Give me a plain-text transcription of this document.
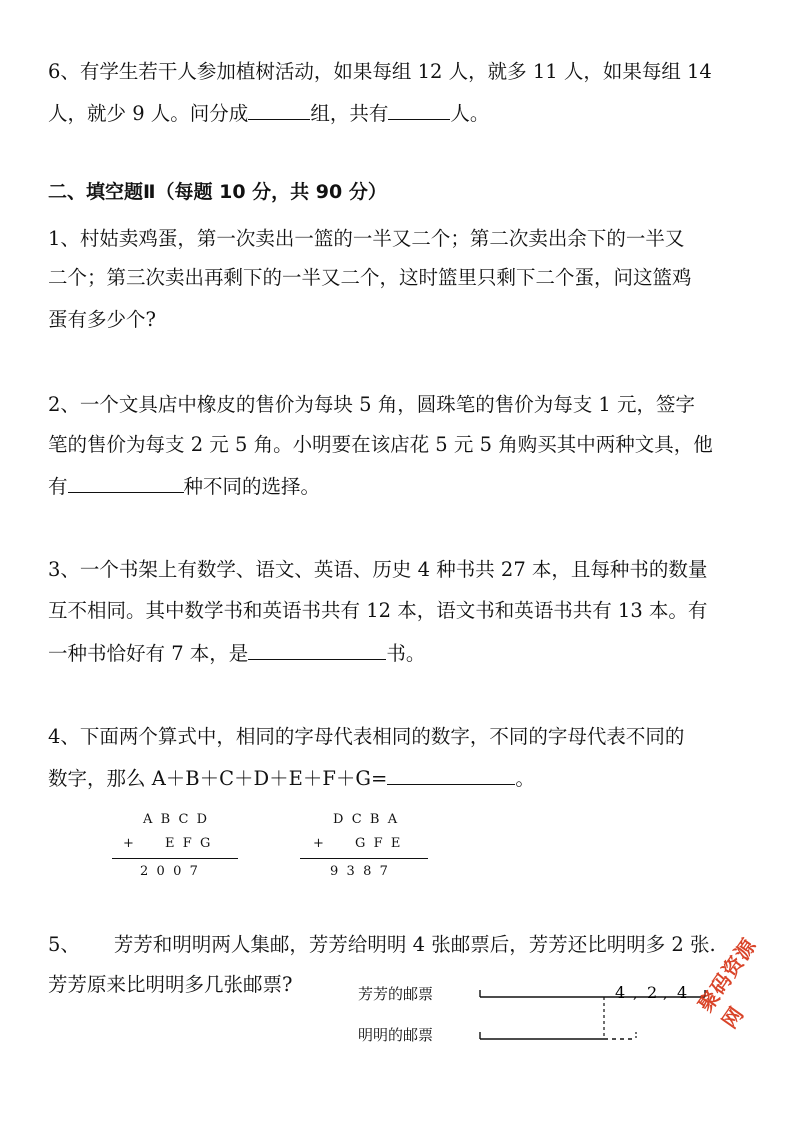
6、有学生若干人参加植树活动，如果每组 12 人，就多 11 人，如果每组 14
人，就少 9 人。问分成	组，共有	人。
二、填空题Ⅱ（每题 10 分，共 90 分）
1、村姑卖鸡蛋，第一次卖出一篮的一半又二个；第二次卖出余下的一半又
二个；第三次卖出再剩下的一半又二个，这时篮里只剩下二个蛋，问这篮鸡
蛋有多少个?
2、一个文具店中橡皮的售价为每块 5 角，圆珠笔的售价为每支 1 元，签字
笔的售价为每支 2 元 5 角。小明要在该店花 5 元 5 角购买其中两种文具，他
有	种不同的选择。
3、一个书架上有数学、语文、英语、历史 4 种书共 27 本，且每种书的数量
互不相同。其中数学书和英语书共有 12 本，语文书和英语书共有 13 本。有
一种书恰好有 7 本，是	书。
4、下面两个算式中，相同的字母代表相同的数字，不同的字母代表不同的
数字，那么 A＋B＋C＋D＋E＋F＋G=	。
A  B  C  D
+ E  F  G
2  0  0  7
D  C  B  A
+ G  F  E
9  3  8  7
5、 芳芳和明明两人集邮，芳芳给明明 4 张邮票后，芳芳还比明明多 2 张.
芳芳原来比明明多几张邮票?	芳芳的邮票
明明的邮票
4 , 2 , 4 聚码资源网
